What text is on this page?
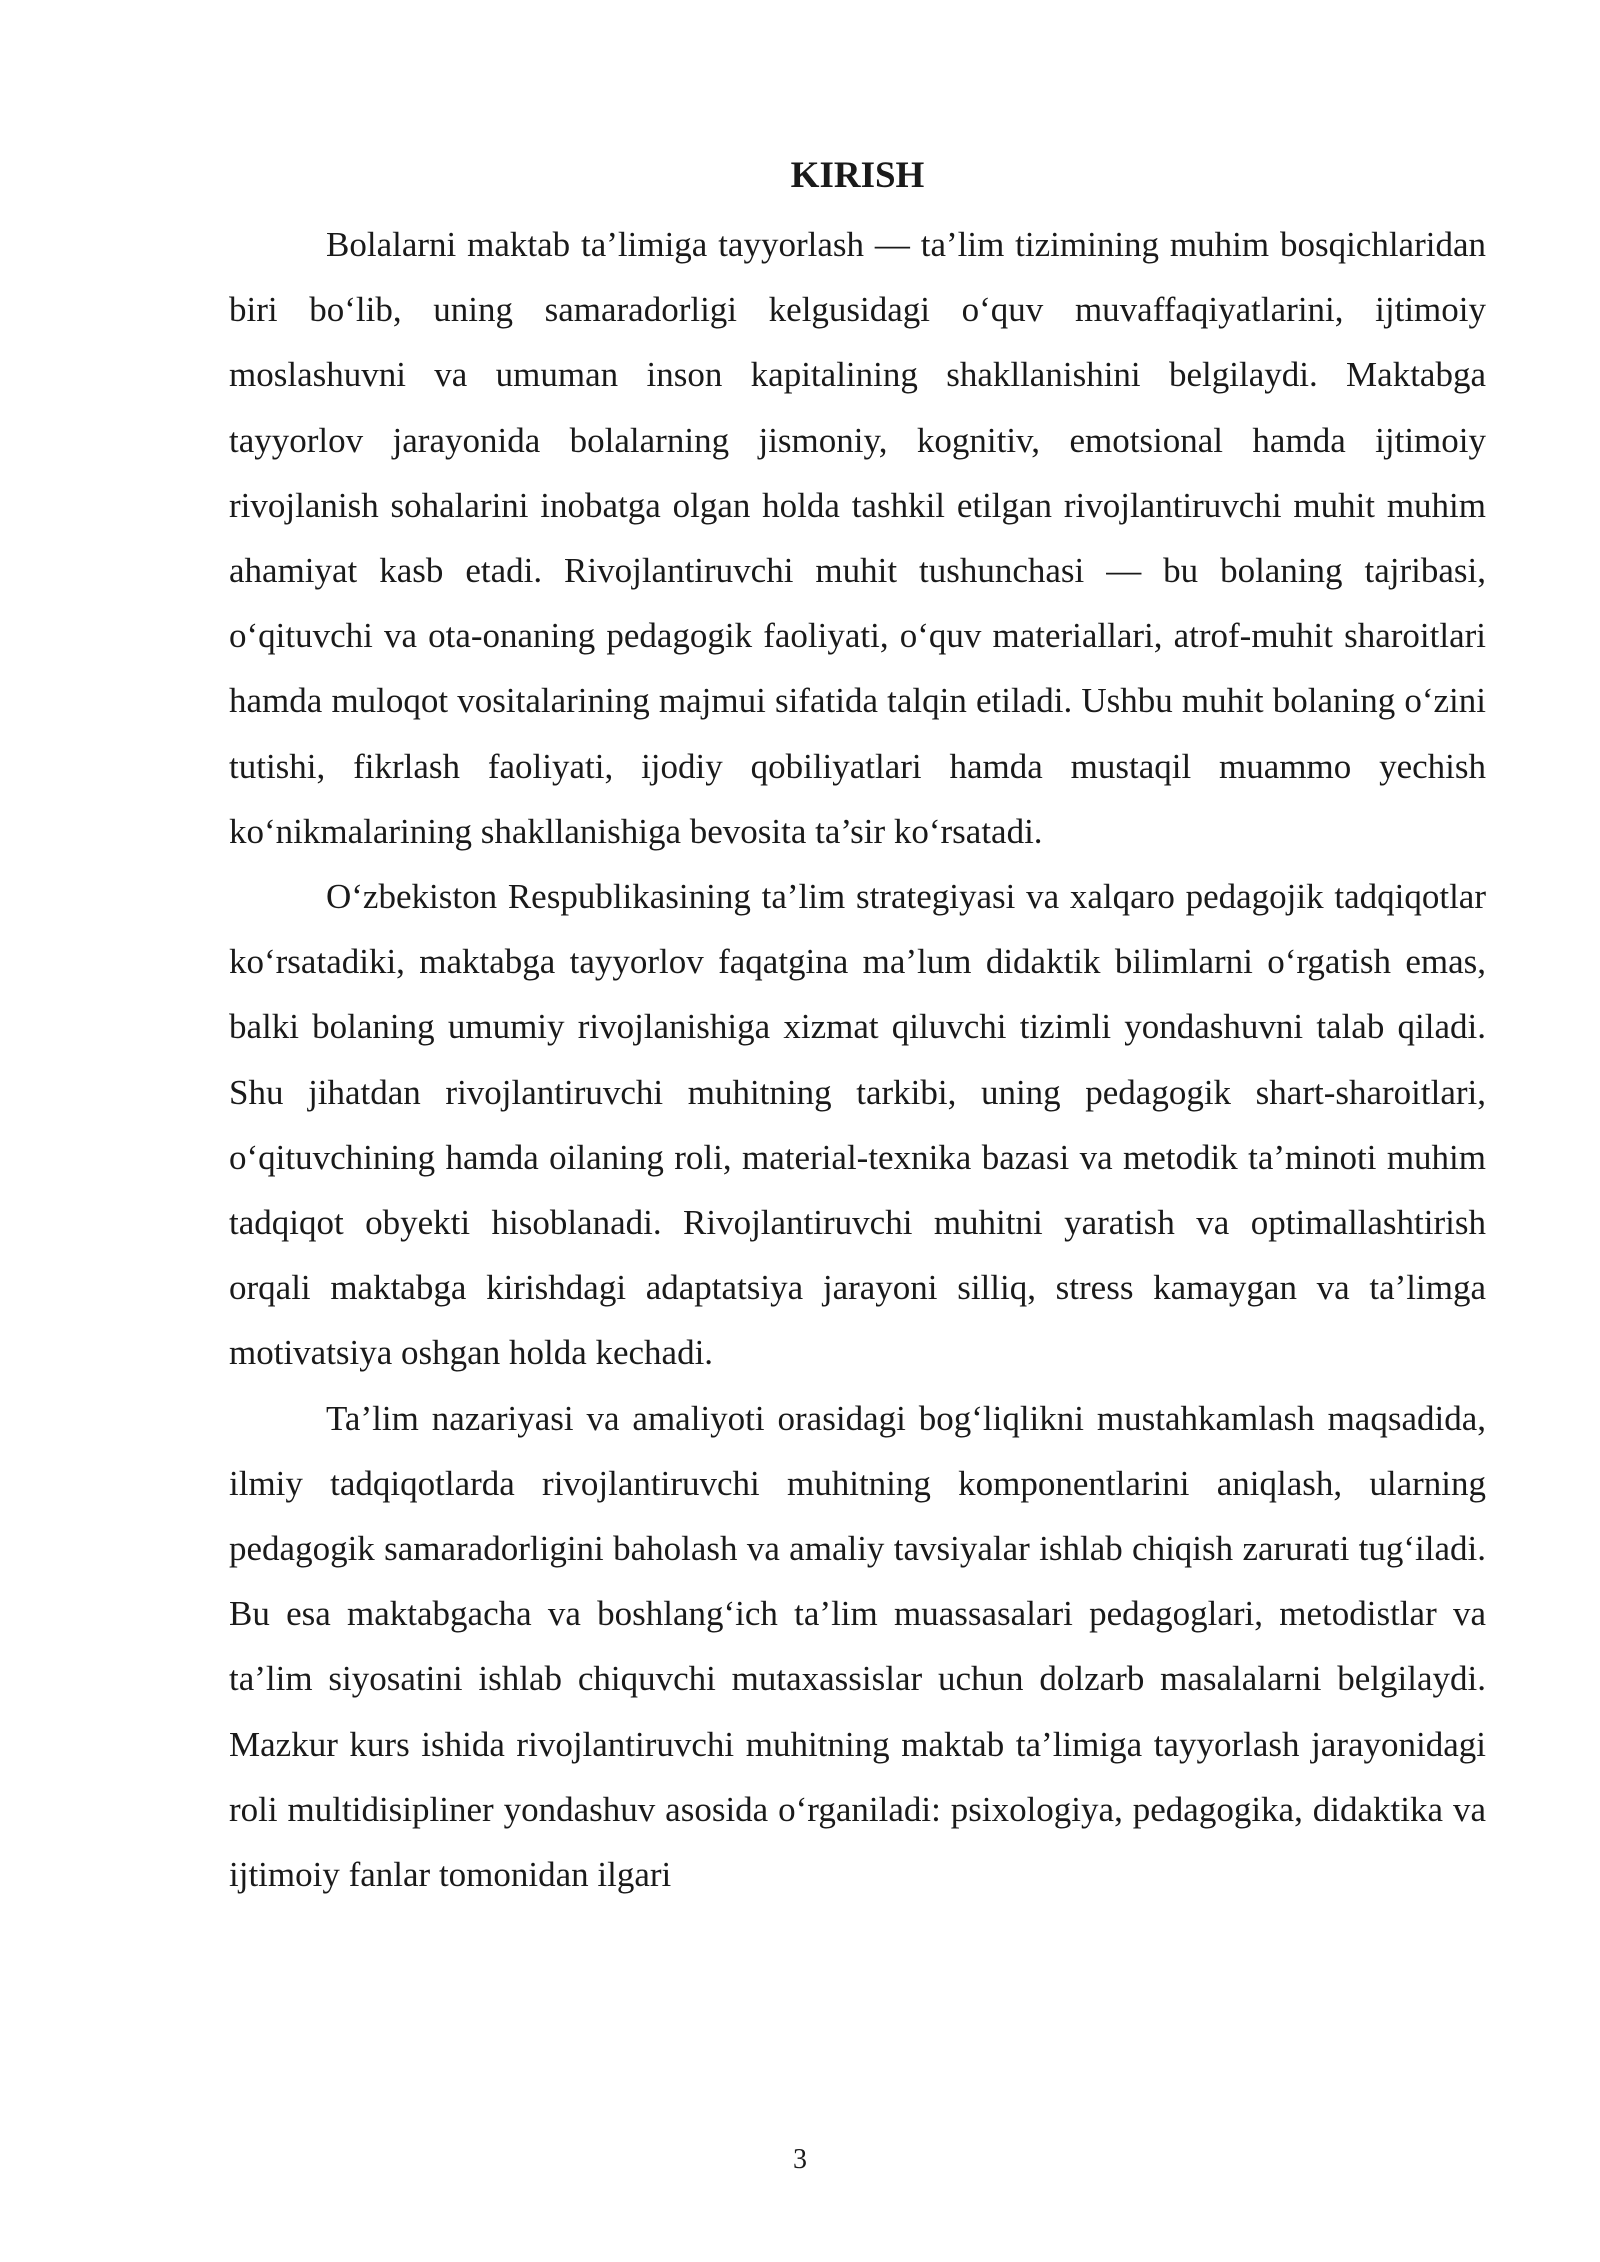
KIRISH

Bolalarni maktab ta’limiga tayyorlash — ta’lim tizimining muhim bosqichlaridan biri bo‘lib, uning samaradorligi kelgusidagi o‘quv muvaffaqiyatlarini, ijtimoiy moslashuvni va umuman inson kapitalining shakllanishini belgilaydi. Maktabga tayyorlov jarayonida bolalarning jismoniy, kognitiv, emotsional hamda ijtimoiy rivojlanish sohalarini inobatga olgan holda tashkil etilgan rivojlantiruvchi muhit muhim ahamiyat kasb etadi. Rivojlantiruvchi muhit tushunchasi — bu bolaning tajribasi, o‘qituvchi va ota-onaning pedagogik faoliyati, o‘quv materiallari, atrof-muhit sharoitlari hamda muloqot vositalarining majmui sifatida talqin etiladi. Ushbu muhit bolaning o‘zini tutishi, fikrlash faoliyati, ijodiy qobiliyatlari hamda mustaqil muammo yechish ko‘nikmalarining shakllanishiga bevosita ta’sir ko‘rsatadi.

O‘zbekiston Respublikasining ta’lim strategiyasi va xalqaro pedagojik tadqiqotlar ko‘rsatadiki, maktabga tayyorlov faqatgina ma’lum didaktik bilimlarni o‘rgatish emas, balki bolaning umumiy rivojlanishiga xizmat qiluvchi tizimli yondashuvni talab qiladi. Shu jihatdan rivojlantiruvchi muhitning tarkibi, uning pedagogik shart-sharoitlari, o‘qituvchining hamda oilaning roli, material-texnika bazasi va metodik ta’minoti muhim tadqiqot obyekti hisoblanadi. Rivojlantiruvchi muhitni yaratish va optimallashtirish orqali maktabga kirishdagi adaptatsiya jarayoni silliq, stress kamaygan va ta’limga motivatsiya oshgan holda kechadi.

Ta’lim nazariyasi va amaliyoti orasidagi bog‘liqlikni mustahkamlash maqsadida, ilmiy tadqiqotlarda rivojlantiruvchi muhitning komponentlarini aniqlash, ularning pedagogik samaradorligini baholash va amaliy tavsiyalar ishlab chiqish zarurati tug‘iladi. Bu esa maktabgacha va boshlang‘ich ta’lim muassasalari pedagoglari, metodistlar va ta’lim siyosatini ishlab chiquvchi mutaxassislar uchun dolzarb masalalarni belgilaydi. Mazkur kurs ishida rivojlantiruvchi muhitning maktab ta’limiga tayyorlash jarayonidagi roli multidisipliner yondashuv asosida o‘rganiladi: psixologiya, pedagogika, didaktika va ijtimoiy fanlar tomonidan ilgari

3
